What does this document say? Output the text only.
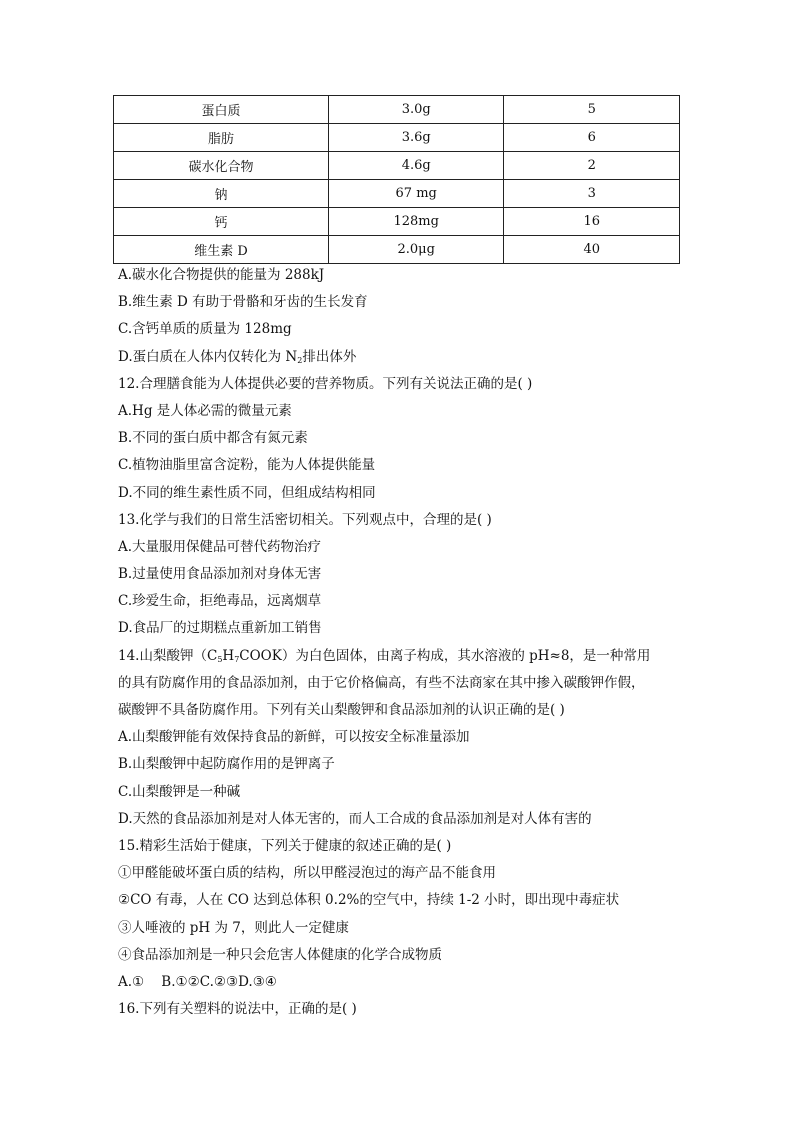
蛋白质	3.0g	5
脂肪	3.6g	6
碳水化合物	4.6g	2
钠	67 mg	3
钙	128mg	16
维生素 D	2.0μg	40
A.碳水化合物提供的能量为 288kJ
B.维生素 D 有助于骨骼和牙齿的生长发育
C.含钙单质的质量为 128mg
D.蛋白质在人体内仅转化为 $N_2$排出体外
12.合理膳食能为人体提供必要的营养物质。下列有关说法正确的是( )
A.Hg 是人体必需的微量元素
B.不同的蛋白质中都含有氮元素
C.植物油脂里富含淀粉，能为人体提供能量
D.不同的维生素性质不同，但组成结构相同
13.化学与我们的日常生活密切相关。下列观点中，合理的是( )
A.大量服用保健品可替代药物治疗
B.过量使用食品添加剂对身体无害
C.珍爱生命，拒绝毒品，远离烟草
D.食品厂的过期糕点重新加工销售
14.山梨酸钾$(C_5H_7COOK)$为白色固体，由离子构成，其水溶液的 pH≈8，是一种常用
的具有防腐作用的食品添加剂，由于它价格偏高，有些不法商家在其中掺入碳酸钾作假，
碳酸钾不具备防腐作用。下列有关山梨酸钾和食品添加剂的认识正确的是( )
A.山梨酸钾能有效保持食品的新鲜，可以按安全标准量添加
B.山梨酸钾中起防腐作用的是钾离子
C.山梨酸钾是一种碱
D.天然的食品添加剂是对人体无害的，而人工合成的食品添加剂是对人体有害的
15.精彩生活始于健康，下列关于健康的叙述正确的是( )
①甲醛能破坏蛋白质的结构，所以甲醛浸泡过的海产品不能食用
②CO 有毒，人在 CO 达到总体积 0.2%的空气中，持续 1-2 小时，即出现中毒症状
③人唾液的 pH 为 7，则此人一定健康
④食品添加剂是一种只会危害人体健康的化学合成物质
A.①    B.①②C.②③D.③④
16.下列有关塑料的说法中，正确的是( )
